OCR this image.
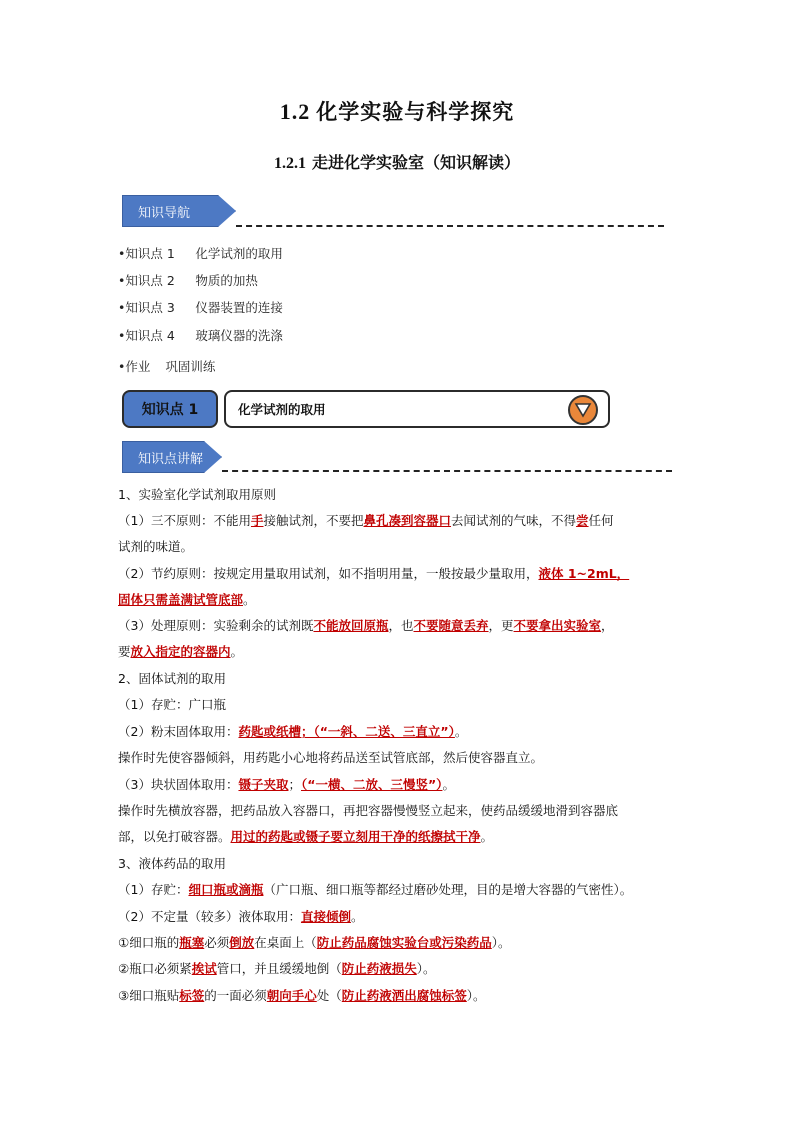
1.2 化学实验与科学探究
1.2.1 走进化学实验室（知识解读）
知识导航
•知识点 1 化学试剂的取用
•知识点 2 物质的加热
•知识点 3 仪器装置的连接
•知识点 4 玻璃仪器的洗涤
•作业 巩固训练
知识点 1	化学试剂的取用
知识点讲解
1、实验室化学试剂取用原则
（1）三不原则：不能用手接触试剂，不要把鼻孔凑到容器口去闻试剂的气味，不得尝任何
试剂的味道。
（2）节约原则：按规定用量取用试剂，如不指明用量，一般按最少量取用，液体 1~2mL，
固体只需盖满试管底部。
（3）处理原则：实验剩余的试剂既不能放回原瓶，也不要随意丢弃，更不要拿出实验室，
要放入指定的容器内。
2、固体试剂的取用
（1）存贮：广口瓶
（2）粉末固体取用：药匙或纸槽；（“一斜、二送、三直立”）。
操作时先使容器倾斜，用药匙小心地将药品送至试管底部，然后使容器直立。
（3）块状固体取用：镊子夹取；（“一横、二放、三慢竖”）。
操作时先横放容器，把药品放入容器口，再把容器慢慢竖立起来，使药品缓缓地滑到容器底
部，以免打破容器。用过的药匙或镊子要立刻用干净的纸擦拭干净。
3、液体药品的取用
（1）存贮：细口瓶或滴瓶（广口瓶、细口瓶等都经过磨砂处理，目的是增大容器的气密性）。
（2）不定量（较多）液体取用：直接倾倒。
①细口瓶的瓶塞必须倒放在桌面上（防止药品腐蚀实验台或污染药品）。
②瓶口必须紧挨试管口，并且缓缓地倒（防止药液损失）。
③细口瓶贴标签的一面必须朝向手心处（防止药液洒出腐蚀标签）。
